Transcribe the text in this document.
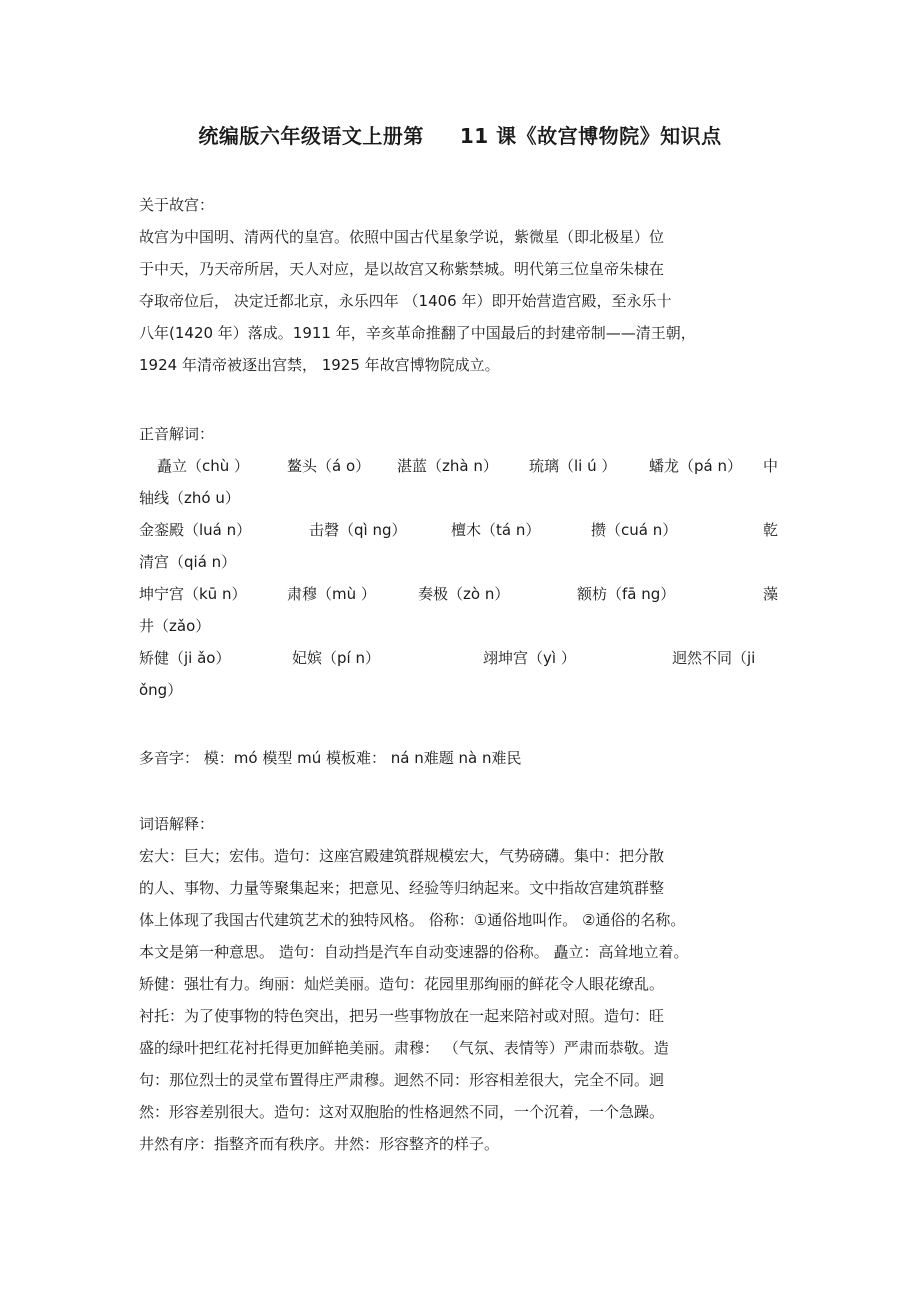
统编版六年级语文上册第 11 课《故宫博物院》知识点
关于故宫：
故宫为中国明、清两代的皇宫。依照中国古代星象学说，紫微星（即北极星）位
于中天，乃天帝所居，天人对应，是以故宫又称紫禁城。明代第三位皇帝朱棣在
夺取帝位后， 决定迁都北京，永乐四年 （1406 年）即开始营造宫殿，至永乐十
八年(1420 年）落成。1911 年，辛亥革命推翻了中国最后的封建帝制——清王朝，
1924 年清帝被逐出宫禁， 1925 年故宫博物院成立。
正音解词：
矗立（chù ）	鳌头（á o） 湛蓝（zhà n） 琉璃（li ú ） 蟠龙（pá n） 中
轴线（zhó u）
金銮殿（luá n）	击磬（qì ng）	檀木（tá n）	攒（cuá n）	乾
清宫（qiá n）
坤宁宫（kū n）	肃穆（mù ）	奏极（zò n）	额枋（fā ng）	藻
井（zǎo）
矫健（ji ǎo）	妃嫔（pí n）	翊坤宫（yì ）	迥然不同（ji
ǒng）
多音字： 模：mó 模型 mú 模板难： ná n难题 nà n难民
词语解释：
宏大：巨大；宏伟。造句：这座宫殿建筑群规模宏大，气势磅礴。集中：把分散
的人、事物、力量等聚集起来；把意见、经验等归纳起来。文中指故宫建筑群整
体上体现了我国古代建筑艺术的独特风格。 俗称：①通俗地叫作。 ②通俗的名称。
本文是第一种意思。 造句：自动挡是汽车自动变速器的俗称。 矗立：高耸地立着。
矫健：强壮有力。绚丽：灿烂美丽。造句：花园里那绚丽的鲜花令人眼花缭乱。
衬托：为了使事物的特色突出，把另一些事物放在一起来陪衬或对照。造句：旺
盛的绿叶把红花衬托得更加鲜艳美丽。肃穆： （气氛、表情等）严肃而恭敬。造
句：那位烈士的灵堂布置得庄严肃穆。迥然不同：形容相差很大，完全不同。迥
然：形容差别很大。造句：这对双胞胎的性格迥然不同，一个沉着，一个急躁。
井然有序：指整齐而有秩序。井然：形容整齐的样子。
